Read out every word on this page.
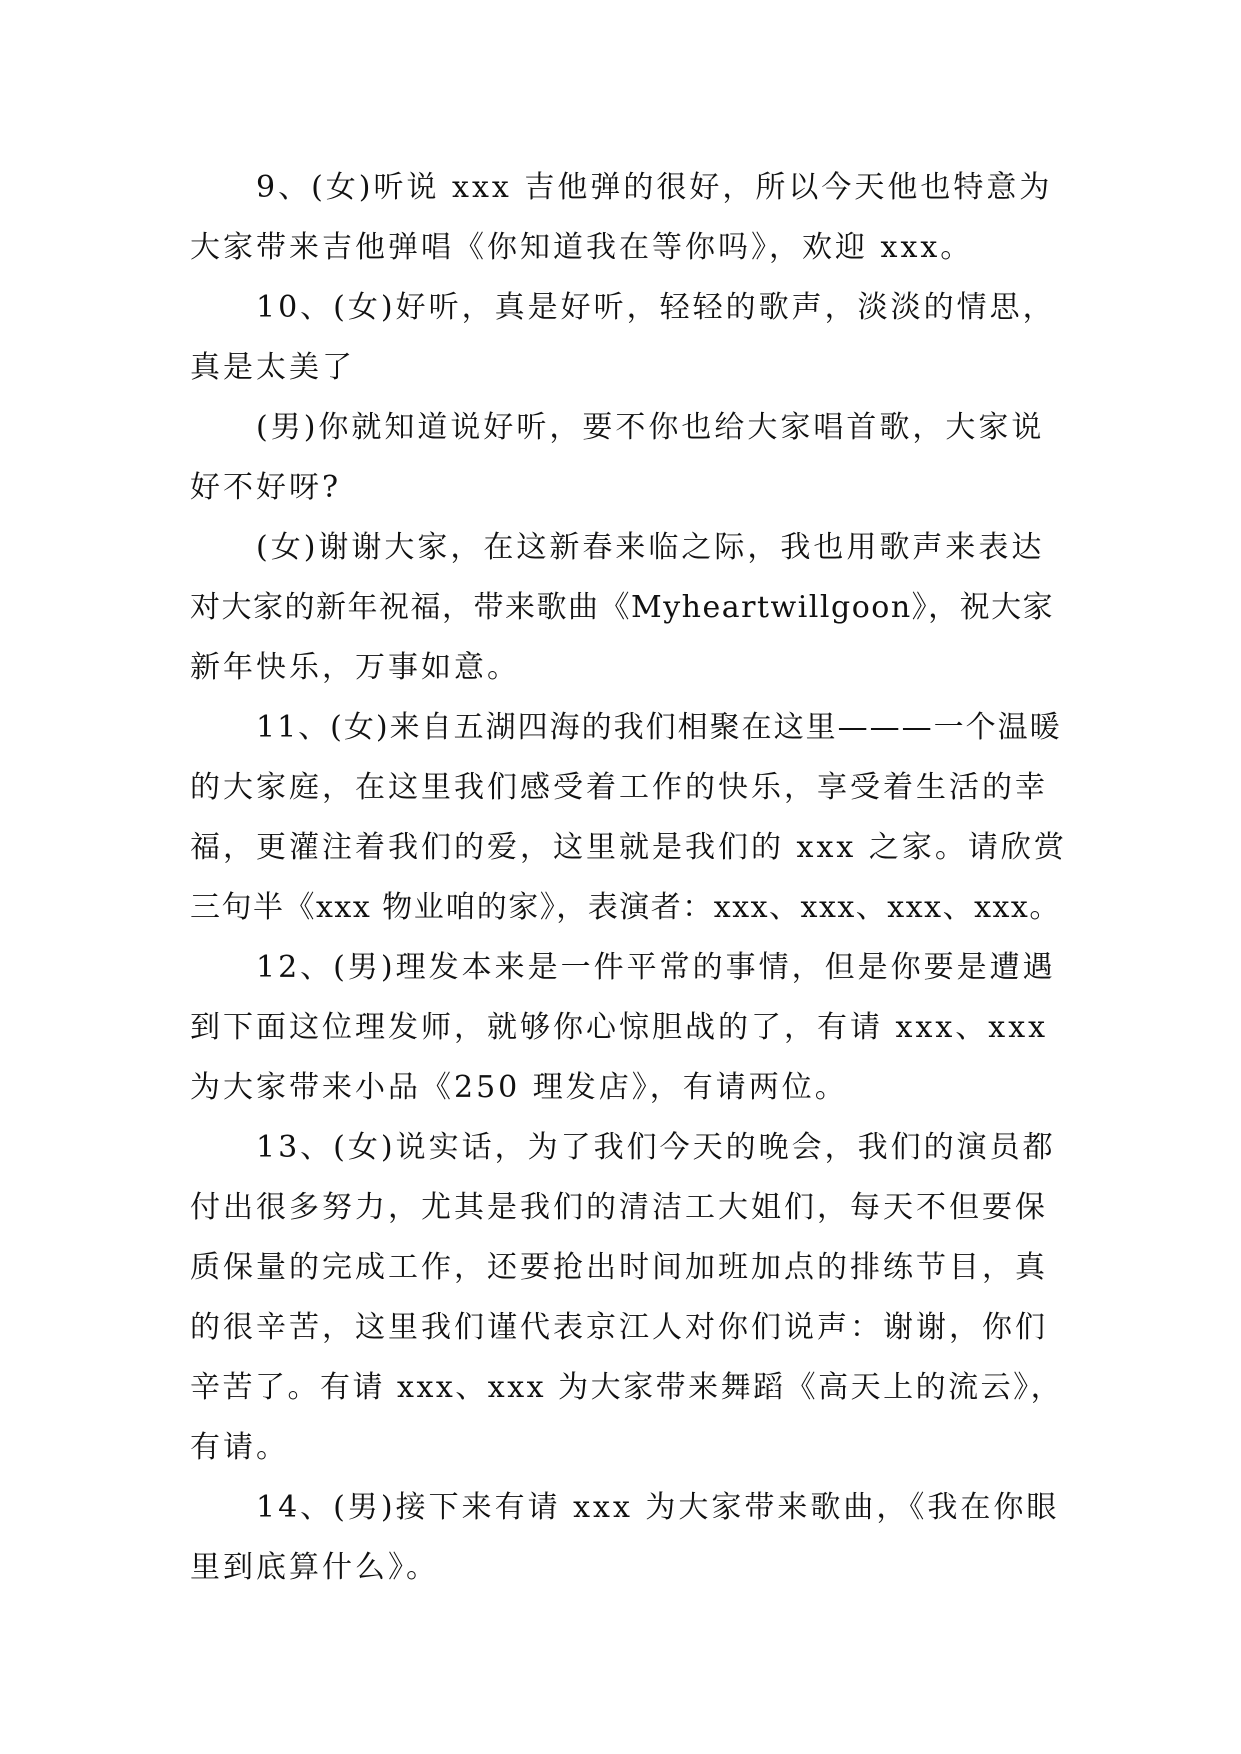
9、(女)听说 xxx 吉他弹的很好，所以今天他也特意为
大家带来吉他弹唱《你知道我在等你吗》，欢迎 xxx。
10、(女)好听，真是好听，轻轻的歌声，淡淡的情思，
真是太美了
(男)你就知道说好听，要不你也给大家唱首歌，大家说
好不好呀?
(女)谢谢大家，在这新春来临之际，我也用歌声来表达
对大家的新年祝福，带来歌曲《Myheartwillgoon》，祝大家
新年快乐，万事如意。
11、(女)来自五湖四海的我们相聚在这里———一个温暖
的大家庭，在这里我们感受着工作的快乐，享受着生活的幸
福，更灌注着我们的爱，这里就是我们的 xxx 之家。请欣赏
三句半《xxx 物业咱的家》，表演者：xxx、xxx、xxx、xxx。
12、(男)理发本来是一件平常的事情，但是你要是遭遇
到下面这位理发师，就够你心惊胆战的了，有请 xxx、xxx
为大家带来小品《250 理发店》，有请两位。
13、(女)说实话，为了我们今天的晚会，我们的演员都
付出很多努力，尤其是我们的清洁工大姐们，每天不但要保
质保量的完成工作，还要抢出时间加班加点的排练节目，真
的很辛苦，这里我们谨代表京江人对你们说声：谢谢，你们
辛苦了。有请 xxx、xxx 为大家带来舞蹈《高天上的流云》，
有请。
14、(男)接下来有请 xxx 为大家带来歌曲，《我在你眼
里到底算什么》。
